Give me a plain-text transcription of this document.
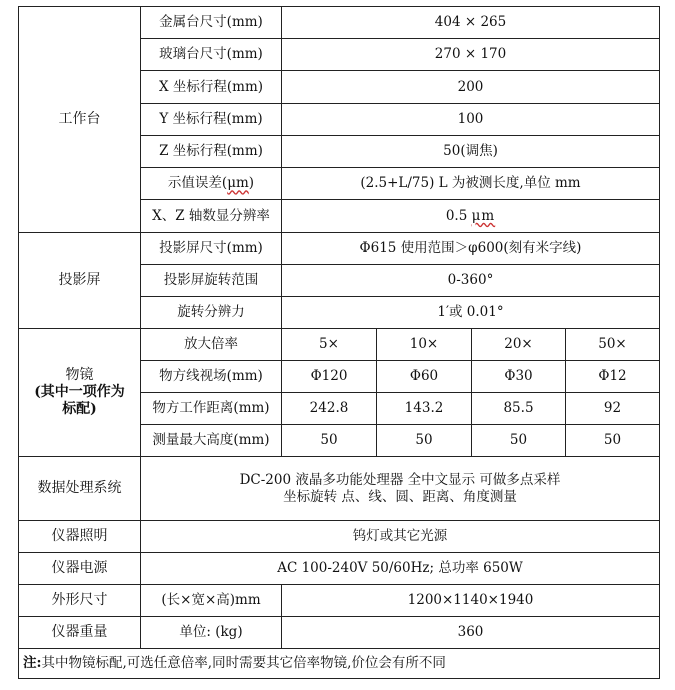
工作台	金属台尺寸(mm)	404 × 265			
	玻璃台尺寸(mm)	270 × 170			
	X 坐标行程(mm)	200			
	Y 坐标行程(mm)	100			
	Z 坐标行程(mm)	50(调焦)			
	示值误差(μm)	(2.5+L/75) L 为被测长度,单位 mm			
	X、Z 轴数显分辨率	0.5 μm			
投影屏	投影屏尺寸(mm)	Φ615 使用范围＞φ600(刻有米字线)			
	投影屏旋转范围	0-360°			
	旋转分辨力	1′或 0.01°			
物镜
(其中一项作为
标配)	放大倍率	5×	10×	20×	50×
	物方线视场(mm)	Φ120	Φ60	Φ30	Φ12
	物方工作距离(mm)	242.8	143.2	85.5	92
	测量最大高度(mm)	50	50	50	50
数据处理系统	DC-200 液晶多功能处理器 全中文显示 可做多点采样
坐标旋转 点、线、圆、距离、角度测量				
仪器照明	钨灯或其它光源				
仪器电源	AC 100-240V 50/60Hz; 总功率 650W				
外形尺寸	(长×宽×高)mm	1200×1140×1940			
仪器重量	单位: (kg)	360			
注:其中物镜标配,可选任意倍率,同时需要其它倍率物镜,价位会有所不同					
